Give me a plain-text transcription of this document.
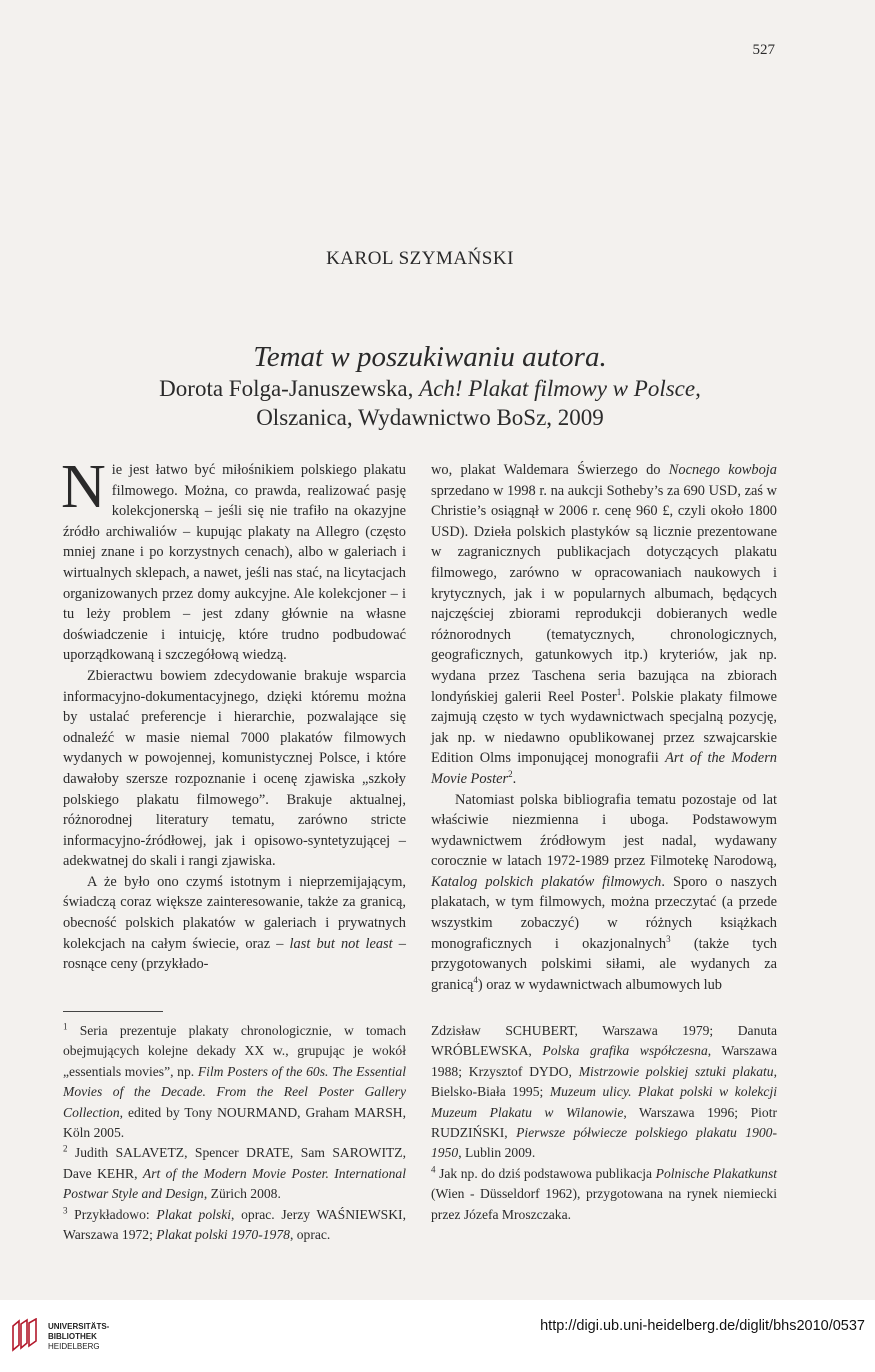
527
KAROL SZYMAŃSKI
Temat w poszukiwaniu autora.
Dorota Folga-Januszewska, Ach! Plakat filmowy w Polsce,
Olszanica, Wydawnictwo BoSz, 2009

Nie jest łatwo być miłośnikiem polskiego plakatu filmowego. Można, co prawda, realizować pasję kolekcjonerską – jeśli się nie trafiło na okazyjne źródło archiwaliów – kupując plakaty na Allegro (często mniej znane i po korzystnych cenach), albo w galeriach i wirtualnych sklepach, a nawet, jeśli nas stać, na licytacjach organizowanych przez domy aukcyjne. Ale kolekcjoner – i tu leży problem – jest zdany głównie na własne doświadczenie i intuicję, które trudno podbudować uporządkowaną i szczegółową wiedzą.

Zbieractwu bowiem zdecydowanie brakuje wsparcia informacyjno-dokumentacyjnego, dzięki któremu można by ustalać preferencje i hierarchie, pozwalające się odnaleźć w masie niemal 7000 plakatów filmowych wydanych w powojennej, komunistycznej Polsce, i które dawałoby szersze rozpoznanie i ocenę zjawiska „szkoły polskiego plakatu filmowego”. Brakuje aktualnej, różnorodnej literatury tematu, zarówno stricte informacyjno-źródłowej, jak i opisowo-syntetyzującej – adekwatnej do skali i rangi zjawiska.

A że było ono czymś istotnym i nieprzemijającym, świadczą coraz większe zainteresowanie, także za granicą, obecność polskich plakatów w galeriach i prywatnych kolekcjach na całym świecie, oraz – last but not least – rosnące ceny (przykłado-

wo, plakat Waldemara Świerzego do Nocnego kowboja sprzedano w 1998 r. na aukcji Sotheby’s za 690 USD, zaś w Christie’s osiągnął w 2006 r. cenę 960 £, czyli około 1800 USD). Dzieła polskich plastyków są licznie prezentowane w zagranicznych publikacjach dotyczących plakatu filmowego, zarówno w opracowaniach naukowych i krytycznych, jak i w popularnych albumach, będących najczęściej zbiorami reprodukcji dobieranych wedle różnorodnych (tematycznych, chronologicznych, geograficznych, gatunkowych itp.) kryteriów, jak np. wydana przez Taschena seria bazująca na zbiorach londyńskiej galerii Reel Poster$^1$. Polskie plakaty filmowe zajmują często w tych wydawnictwach specjalną pozycję, jak np. w niedawno opublikowanej przez szwajcarskie Edition Olms imponującej monografii Art of the Modern Movie Poster$^2$.

Natomiast polska bibliografia tematu pozostaje od lat właściwie niezmienna i uboga. Podstawowym wydawnictwem źródłowym jest nadal, wydawany corocznie w latach 1972-1989 przez Filmotekę Narodową, Katalog polskich plakatów filmowych. Sporo o naszych plakatach, w tym filmowych, można przeczytać (a przede wszystkim zobaczyć) w różnych książkach monograficznych i okazjonalnych$^3$ (także tych przygotowanych polskimi siłami, ale wydanych za granicą$^4$) oraz w wydawnictwach albumowych lub

$^1$ Seria prezentuje plakaty chronologicznie, w tomach obejmujących kolejne dekady XX w., grupując je wokół „essentials movies”, np. Film Posters of the 60s. The Essential Movies of the Decade. From the Reel Poster Gallery Collection, edited by Tony NOURMAND, Graham MARSH, Köln 2005.

$^2$ Judith SALAVETZ, Spencer DRATE, Sam SAROWITZ, Dave KEHR, Art of the Modern Movie Poster. International Postwar Style and Design, Zürich 2008.

$^3$ Przykładowo: Plakat polski, oprac. Jerzy WAŚNIEWSKI, Warszawa 1972; Plakat polski 1970-1978, oprac.

Zdzisław SCHUBERT, Warszawa 1979; Danuta WRÓBLEWSKA, Polska grafika współczesna, Warszawa 1988; Krzysztof DYDO, Mistrzowie polskiej sztuki plakatu, Bielsko-Biała 1995; Muzeum ulicy. Plakat polski w kolekcji Muzeum Plakatu w Wilanowie, Warszawa 1996; Piotr RUDZIŃSKI, Pierwsze półwiecze polskiego plakatu 1900-1950, Lublin 2009.

$^4$ Jak np. do dziś podstawowa publikacja Polnische Plakatkunst (Wien - Düsseldorf 1962), przygotowana na rynek niemiecki przez Józefa Mroszczaka.

UNIVERSITÄTS-
BIBLIOTHEK
HEIDELBERG
http://digi.ub.uni-heidelberg.de/diglit/bhs2010/0537
